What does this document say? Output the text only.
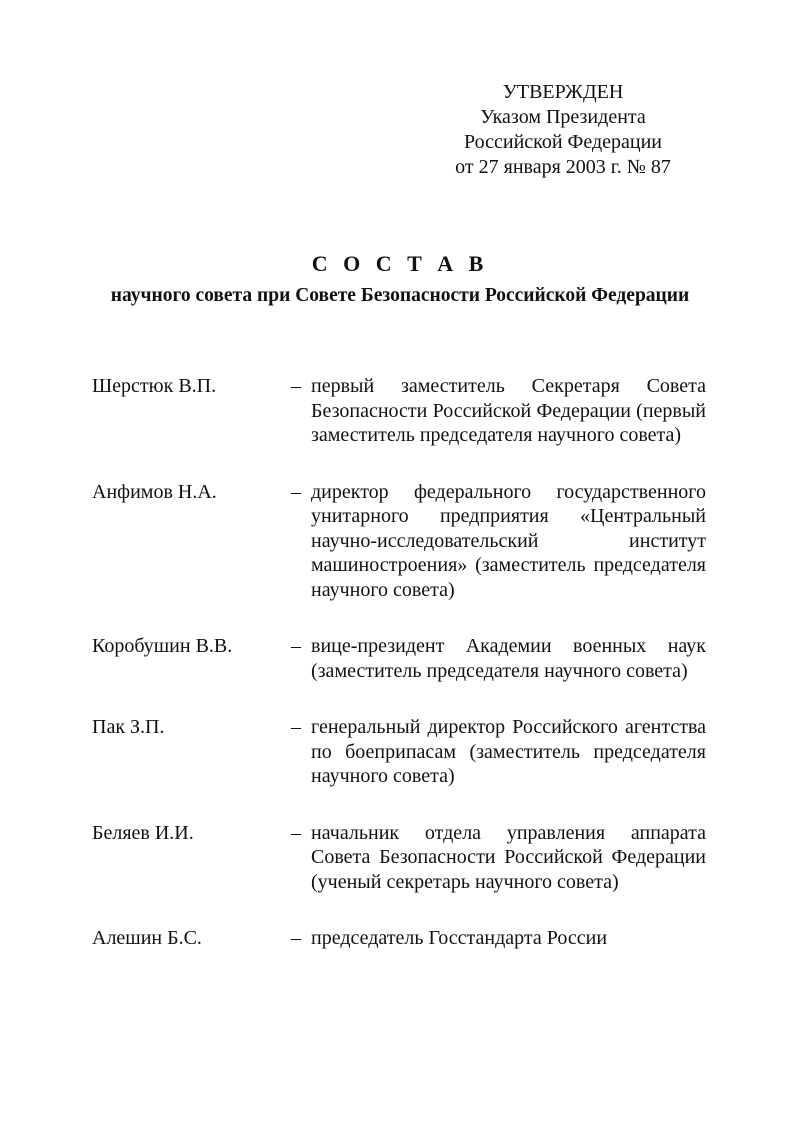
УТВЕРЖДЕН
Указом Президента
Российской Федерации
от 27 января 2003 г. № 87
С О С Т А В
научного совета при Совете Безопасности Российской Федерации
Шерстюк В.П.	– первый заместитель Секретаря Совета Безопасности Российской Федерации (первый заместитель председателя научного совета)
Анфимов Н.А.	– директор федерального государственного унитарного предприятия «Центральный научно-исследовательский институт машиностроения» (заместитель председателя научного совета)
Коробушин В.В.	– вице-президент Академии военных наук (заместитель председателя научного совета)
Пак З.П.	– генеральный директор Российского агентства по боеприпасам (заместитель председателя научного совета)
Беляев И.И.	– начальник отдела управления аппарата Совета Безопасности Российской Федерации (ученый секретарь научного совета)
Алешин Б.С.	– председатель Госстандарта России
